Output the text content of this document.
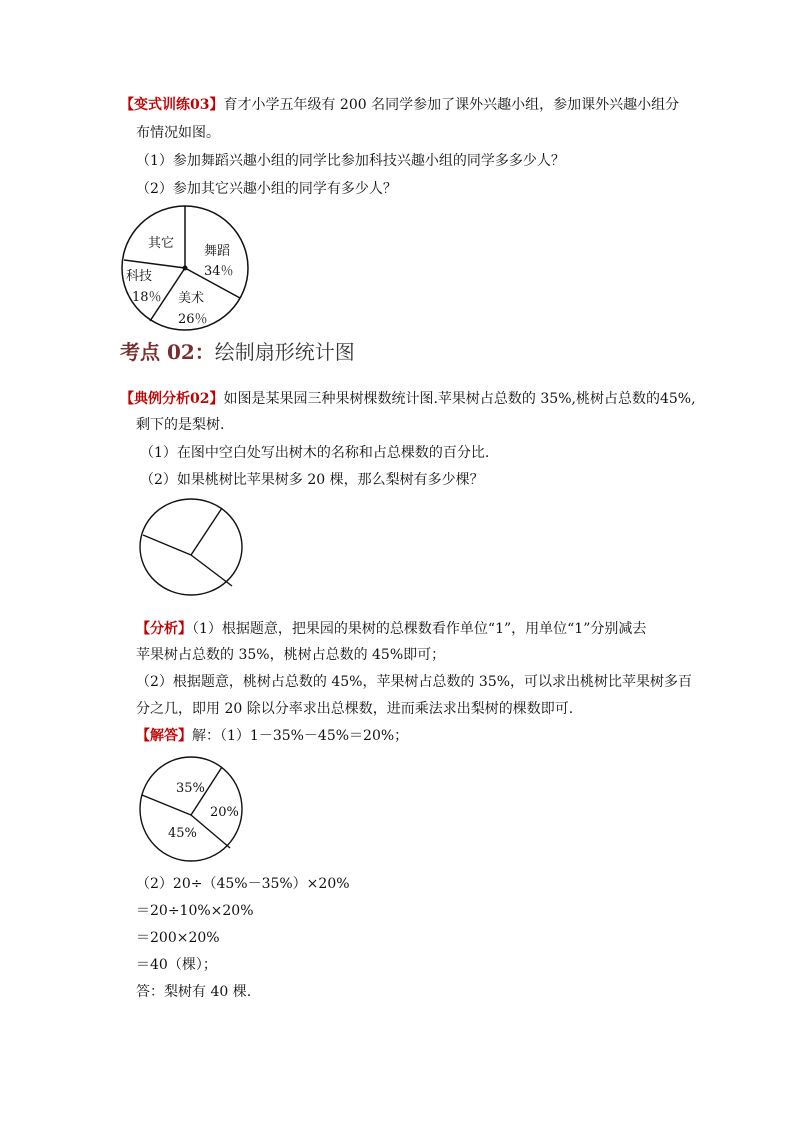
【变式训练03】育才小学五年级有 200 名同学参加了课外兴趣小组，参加课外兴趣小组分
布情况如图。
（1）参加舞蹈兴趣小组的同学比参加科技兴趣小组的同学多多少人？
（2）参加其它兴趣小组的同学有多少人？
其它
舞蹈
34％
科技
18％ 美术
26％
考点 02：绘制扇形统计图
【典例分析02】如图是某果园三种果树棵数统计图.苹果树占总数的 35%,桃树占总数的45%,
剩下的是梨树.
（1）在图中空白处写出树木的名称和占总棵数的百分比.
（2）如果桃树比苹果树多 20 棵，那么梨树有多少棵？
【分析】（1）根据题意，把果园的果树的总棵数看作单位“1”，用单位“1”分别减去
苹果树占总数的 35%，桃树占总数的 45%即可；
（2）根据题意，桃树占总数的 45%，苹果树占总数的 35%，可以求出桃树比苹果树多百
分之几，即用 20 除以分率求出总棵数，进而乘法求出梨树的棵数即可.
【解答】解：（1）1－35%－45%＝20%；
35%
20%
45%
（2）20÷（45%－35%）×20%
＝20÷10%×20%
＝200×20%
＝40（棵）；
答：梨树有 40 棵.
